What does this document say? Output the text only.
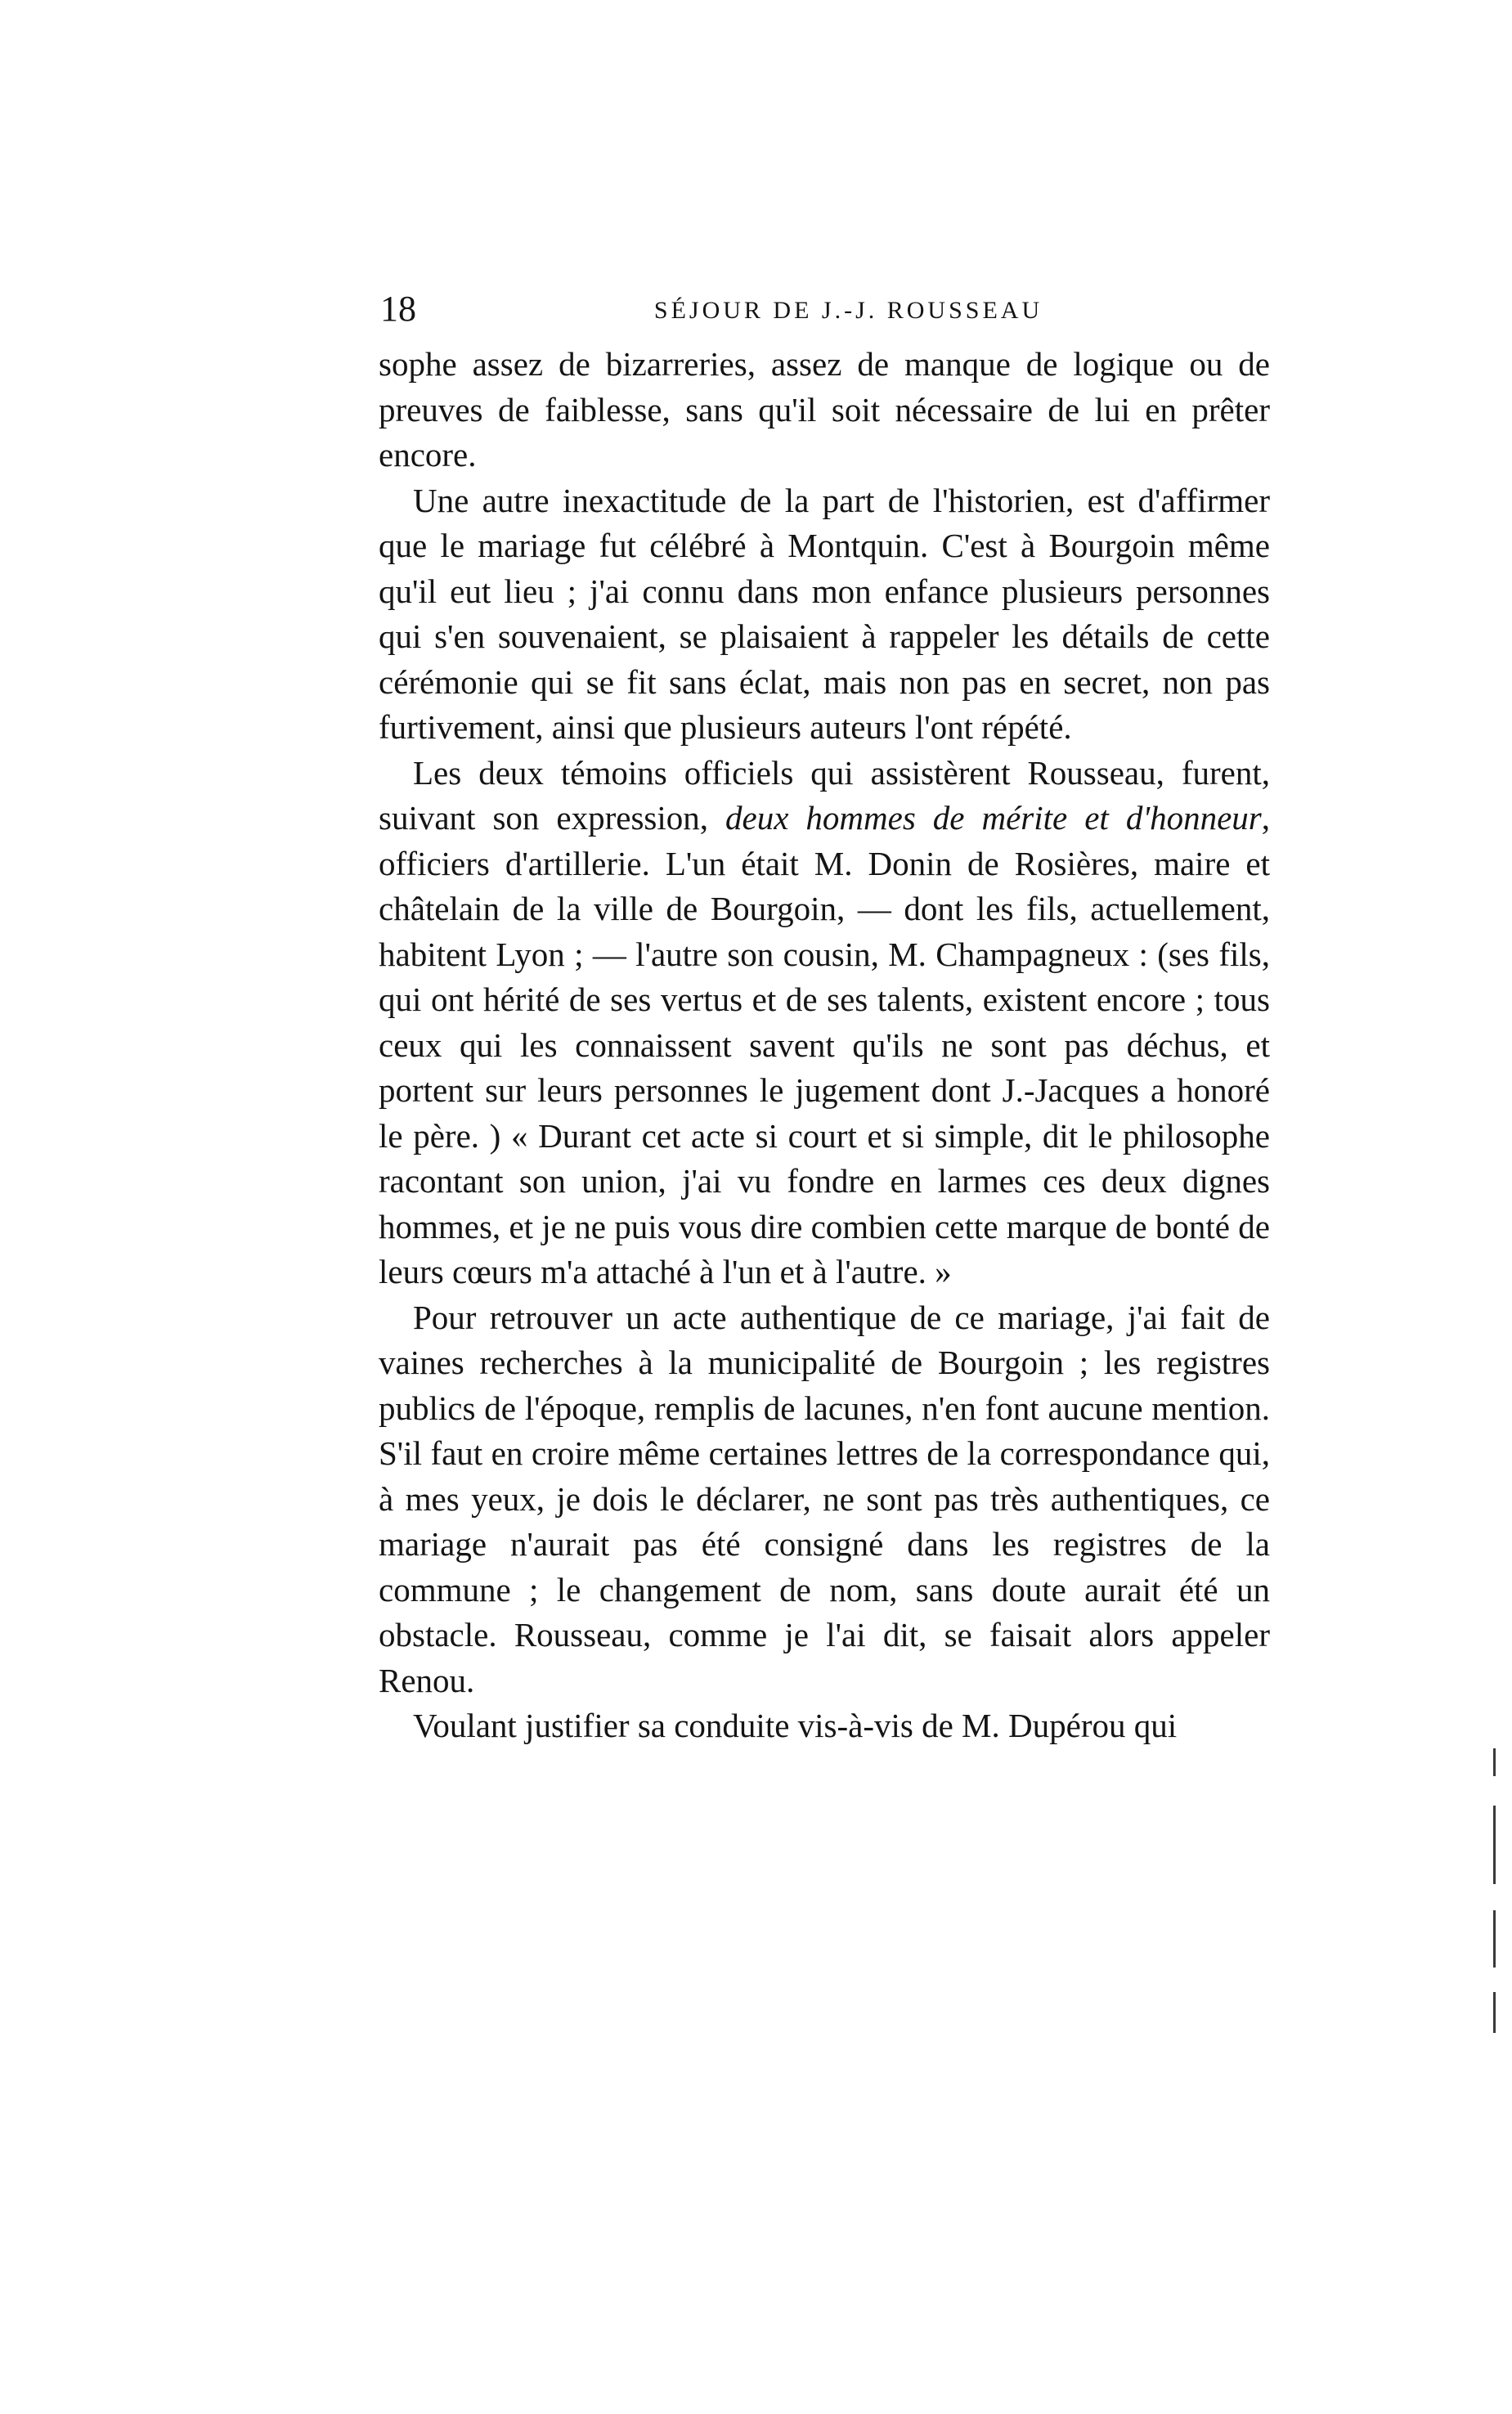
18	SÉJOUR DE J.-J. ROUSSEAU

sophe assez de bizarreries, assez de manque de logique ou de preuves de faiblesse, sans qu'il soit nécessaire de lui en prêter encore.

Une autre inexactitude de la part de l'historien, est d'affirmer que le mariage fut célébré à Montquin. C'est à Bourgoin même qu'il eut lieu ; j'ai connu dans mon enfance plusieurs personnes qui s'en souvenaient, se plaisaient à rappeler les détails de cette cérémonie qui se fit sans éclat, mais non pas en secret, non pas furtivement, ainsi que plusieurs auteurs l'ont répété.

Les deux témoins officiels qui assistèrent Rousseau, furent, suivant son expression, deux hommes de mérite et d'honneur, officiers d'artillerie. L'un était M. Donin de Rosières, maire et châtelain de la ville de Bourgoin, — dont les fils, actuellement, habitent Lyon ; — l'autre son cousin, M. Champagneux : (ses fils, qui ont hérité de ses vertus et de ses talents, existent encore ; tous ceux qui les connaissent savent qu'ils ne sont pas déchus, et portent sur leurs personnes le jugement dont J.-Jacques a honoré le père. ) « Durant cet acte si court et si simple, dit le philosophe racontant son union, j'ai vu fondre en larmes ces deux dignes hommes, et je ne puis vous dire combien cette marque de bonté de leurs cœurs m'a attaché à l'un et à l'autre. »

Pour retrouver un acte authentique de ce mariage, j'ai fait de vaines recherches à la municipalité de Bourgoin ; les registres publics de l'époque, remplis de lacunes, n'en font aucune mention. S'il faut en croire même certaines lettres de la correspondance qui, à mes yeux, je dois le déclarer, ne sont pas très authentiques, ce mariage n'aurait pas été consigné dans les registres de la commune ; le changement de nom, sans doute aurait été un obstacle. Rousseau, comme je l'ai dit, se faisait alors appeler Renou.

Voulant justifier sa conduite vis-à-vis de M. Dupérou qui
